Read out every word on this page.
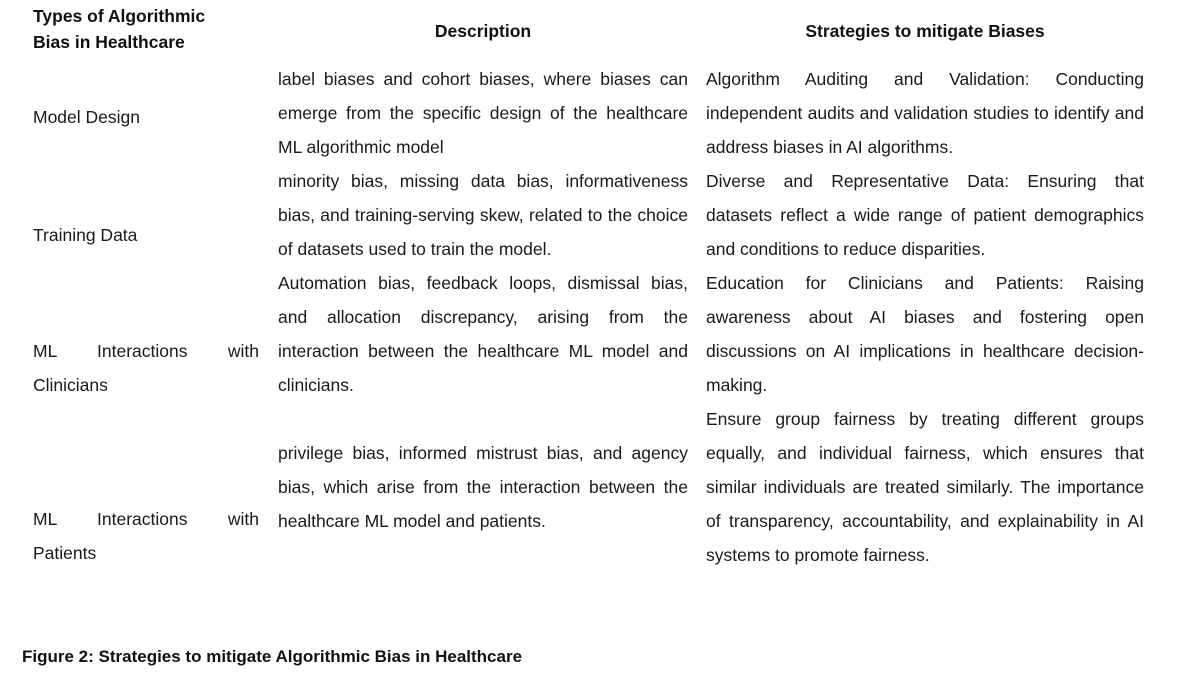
Types of Algorithmic
Bias in Healthcare
Description	Strategies to mitigate Biases
Model Design
Training Data
ML Interactions with
Clinicians
ML Interactions with
Patients
label biases and cohort biases, where biases can emerge from the specific design of the healthcare ML algorithmic model
minority bias, missing data bias, informativeness bias, and training-serving skew, related to the choice of datasets used to train the model.
Automation bias, feedback loops, dismissal bias, and allocation discrepancy, arising from the interaction between the healthcare ML model and clinicians.
privilege bias, informed mistrust bias, and agency bias, which arise from the interaction between the healthcare ML model and patients.
Algorithm Auditing and Validation: Conducting independent audits and validation studies to identify and address biases in AI algorithms.
Diverse and Representative Data: Ensuring that datasets reflect a wide range of patient demographics and conditions to reduce disparities.
Education for Clinicians and Patients: Raising awareness about AI biases and fostering open discussions on AI implications in healthcare decision-making.
Ensure group fairness by treating different groups equally, and individual fairness, which ensures that similar individuals are treated similarly. The importance of transparency, accountability, and explainability in AI systems to promote fairness.
Figure 2: Strategies to mitigate Algorithmic Bias in Healthcare
